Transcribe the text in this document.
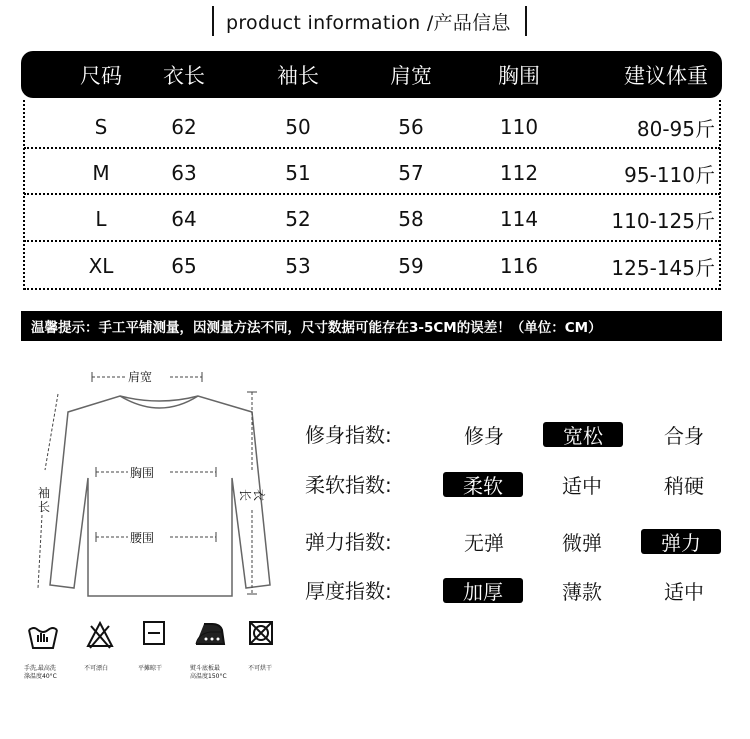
product information /产品信息
尺码	衣长	袖长	肩宽	胸围	建议体重
S	62	50	56	110	80-95斤
M	63	51	57	112	95-110斤
L	64	52	58	114	110-125斤
XL	65	53	59	116	125-145斤
温馨提示：手工平铺测量，因测量方法不同，尺寸数据可能存在3-5CM的误差！（单位：CM）
肩宽
胸围
腰围
袖长
衣长
修身指数:	修身	宽松	合身
柔软指数:	柔软	适中	稍硬
弹力指数:	无弹	微弹	弹力
厚度指数:	加厚	薄款	适中
手洗,最高洗
涤温度40°C
不可漂白	平摊晾干	熨斗底板最
高温度150°C
不可烘干
